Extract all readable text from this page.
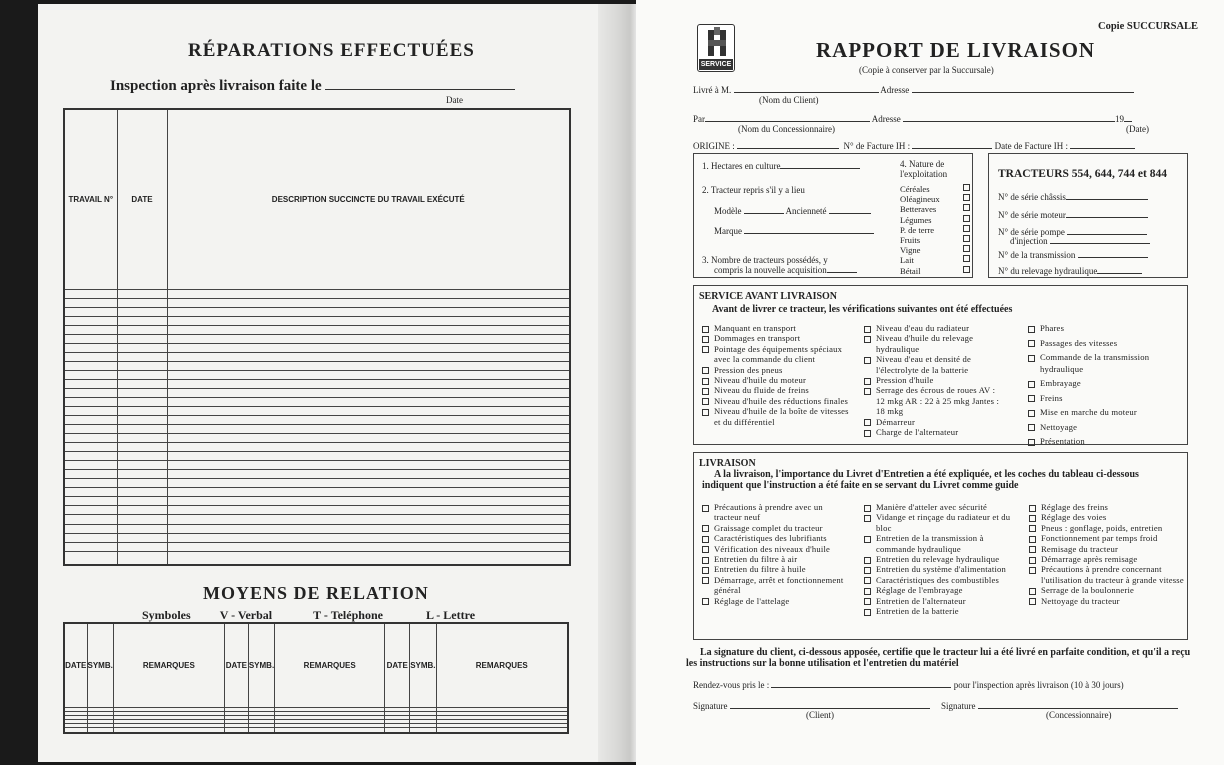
RÉPARATIONS EFFECTUÉES
Inspection après livraison faite le
Date
TRAVAIL N°	DATE	DESCRIPTION SUCCINCTE DU TRAVAIL EXÉCUTÉ

MOYENS DE RELATION
Symboles V - Verbal	T - Teléphone	L - Lettre
DATE	SYMB.	REMARQUES	DATE	SYMB.	REMARQUES	DATE	SYMB.	REMARQUES

Copie SUCCURSALE
SERVICE
RAPPORT DE LIVRAISON
(Copie à conserver par la Succursale)
Livré à M.	Adresse
(Nom du Client)
Par	Adresse	19
(Nom du Concessionnaire)	(Date)
ORIGINE :	N° de Facture IH :	Date de Facture IH :
1. Hectares en culture
2. Tracteur repris s'il y a lieu
Modèle	Ancienneté
Marque
3. Nombre de tracteurs possédés, y
compris la nouvelle acquisition
4. Nature de
l'exploitation
Céréales
Oléagineux
Betteraves
Légumes
P. de terre
Fruits
Vigne
Lait
Bétail
TRACTEURS 554, 644, 744 et 844
N° de série châssis
N° de série moteur
N° de série pompe
d'injection
N° de la transmission
N° du relevage hydraulique
SERVICE AVANT LIVRAISON
Avant de livrer ce tracteur, les vérifications suivantes ont été effectuées
Manquant en transport
Dommages en transport
Pointage des équipements spéciaux avec la commande du client
Pression des pneus
Niveau d'huile du moteur
Niveau du fluide de freins
Niveau d'huile des réductions finales
Niveau d'huile de la boîte de vitesses et du différentiel
Niveau d'eau du radiateur
Niveau d'huile du relevage hydraulique
Niveau d'eau et densité de l'électrolyte de la batterie
Pression d'huile
Serrage des écrous de roues AV : 12 mkg AR : 22 à 25 mkg Jantes : 18 mkg
Démarreur
Charge de l'alternateur
Phares
Passages des vitesses
Commande de la transmission hydraulique
Embrayage
Freins
Mise en marche du moteur
Nettoyage
Présentation
LIVRAISON
A la livraison, l'importance du Livret d'Entretien a été expliquée, et les coches du tableau ci-dessous indiquent que l'instruction a été faite en se servant du Livret comme guide
Précautions à prendre avec un tracteur neuf
Graissage complet du tracteur
Caractéristiques des lubrifiants
Vérification des niveaux d'huile
Entretien du filtre à air
Entretien du filtre à huile
Démarrage, arrêt et fonctionnement général
Réglage de l'attelage
Manière d'atteler avec sécurité
Vidange et rinçage du radiateur et du bloc
Entretien de la transmission à commande hydraulique
Entretien du relevage hydraulique
Entretien du système d'alimentation
Caractéristiques des combustibles
Réglage de l'embrayage
Entretien de l'alternateur
Entretien de la batterie
Réglage des freins
Réglage des voies
Pneus : gonflage, poids, entretien
Fonctionnement par temps froid
Remisage du tracteur
Démarrage après remisage
Précautions à prendre concernant l'utilisation du tracteur à grande vitesse
Serrage de la boulonnerie
Nettoyage du tracteur
La signature du client, ci-dessous apposée, certifie que le tracteur lui a été livré en parfaite condition, et qu'il a reçu les instructions sur la bonne utilisation et l'entretien du matériel
Rendez-vous pris le :	pour l'inspection après livraison (10 à 30 jours)
Signature	Signature
(Client)	(Concessionnaire)
